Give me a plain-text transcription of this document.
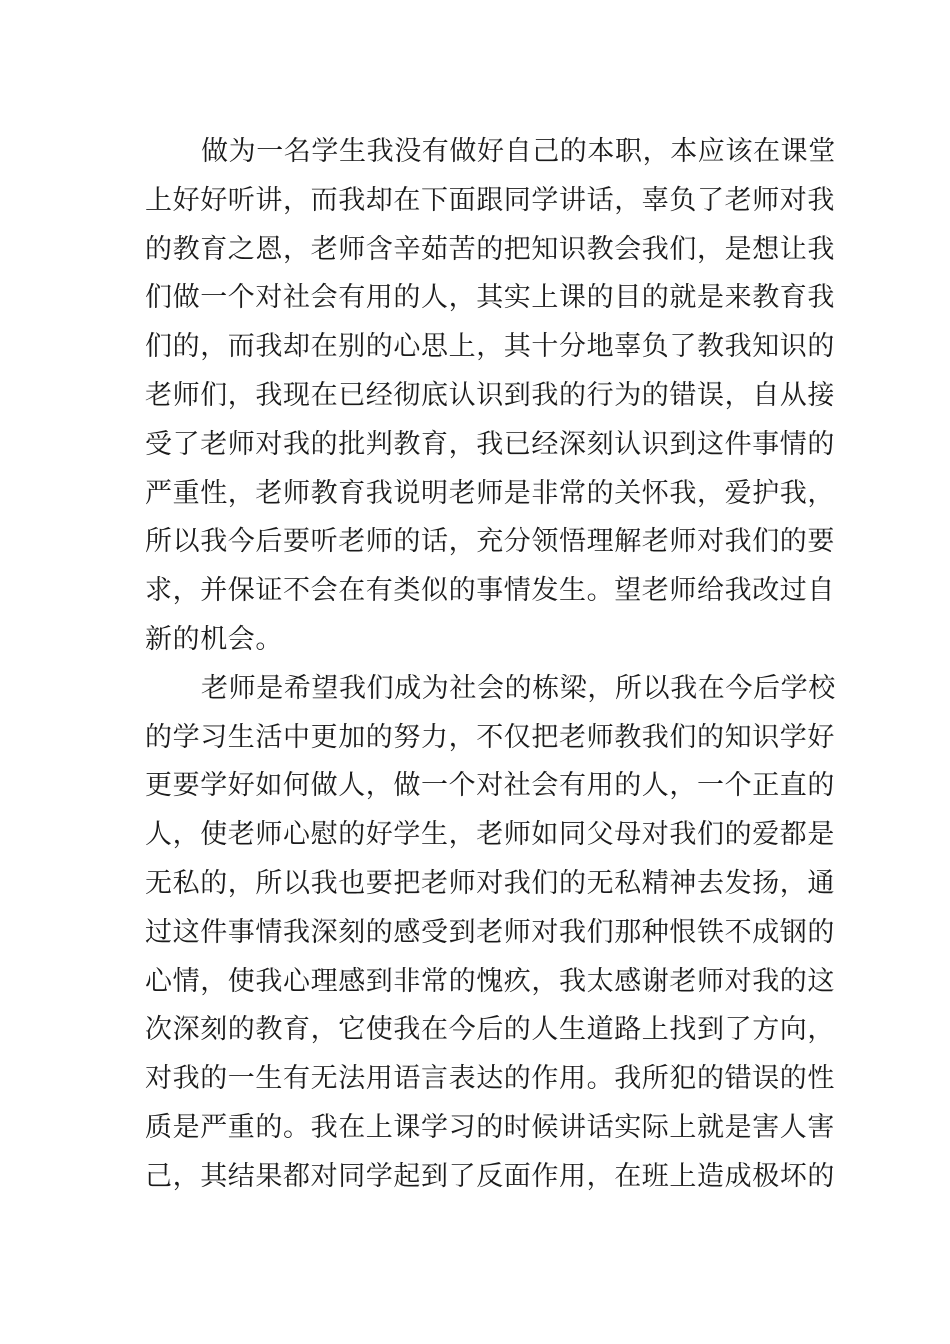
做为一名学生我没有做好自己的本职，本应该在课堂
上好好听讲，而我却在下面跟同学讲话，辜负了老师对我
的教育之恩，老师含辛茹苦的把知识教会我们，是想让我
们做一个对社会有用的人，其实上课的目的就是来教育我
们的，而我却在别的心思上，其十分地辜负了教我知识的
老师们，我现在已经彻底认识到我的行为的错误，自从接
受了老师对我的批判教育，我已经深刻认识到这件事情的
严重性，老师教育我说明老师是非常的关怀我，爱护我，
所以我今后要听老师的话，充分领悟理解老师对我们的要
求，并保证不会在有类似的事情发生。望老师给我改过自
新的机会。
老师是希望我们成为社会的栋梁，所以我在今后学校
的学习生活中更加的努力，不仅把老师教我们的知识学好
更要学好如何做人，做一个对社会有用的人，一个正直的
人，使老师心慰的好学生，老师如同父母对我们的爱都是
无私的，所以我也要把老师对我们的无私精神去发扬，通
过这件事情我深刻的感受到老师对我们那种恨铁不成钢的
心情，使我心理感到非常的愧疚，我太感谢老师对我的这
次深刻的教育，它使我在今后的人生道路上找到了方向，
对我的一生有无法用语言表达的作用。我所犯的错误的性
质是严重的。我在上课学习的时候讲话实际上就是害人害
己，其结果都对同学起到了反面作用，在班上造成极坏的
